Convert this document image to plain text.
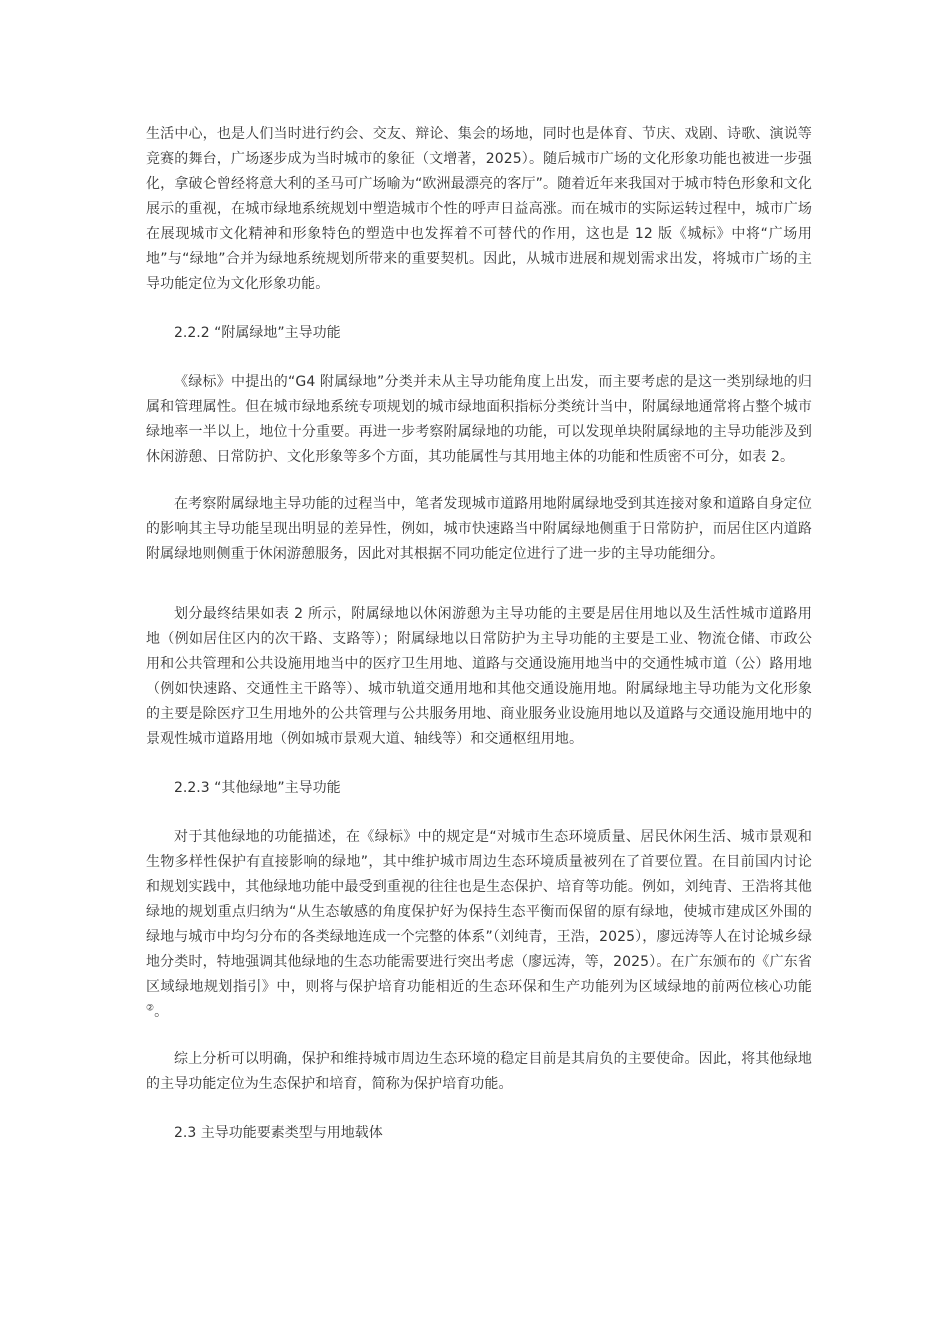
生活中心，也是人们当时进行约会、交友、辩论、集会的场地，同时也是体育、节庆、戏剧、诗歌、演说等竞赛的舞台，广场逐步成为当时城市的象征（文增著，2025）。随后城市广场的文化形象功能也被进一步强化，拿破仑曾经将意大利的圣马可广场喻为“欧洲最漂亮的客厅”。随着近年来我国对于城市特色形象和文化展示的重视，在城市绿地系统规划中塑造城市个性的呼声日益高涨。而在城市的实际运转过程中，城市广场在展现城市文化精神和形象特色的塑造中也发挥着不可替代的作用，这也是 12 版《城标》中将“广场用地”与“绿地”合并为绿地系统规划所带来的重要契机。因此，从城市进展和规划需求出发，将城市广场的主导功能定位为文化形象功能。

2.2.2 “附属绿地”主导功能

《绿标》中提出的“G4 附属绿地”分类并未从主导功能角度上出发，而主要考虑的是这一类别绿地的归属和管理属性。但在城市绿地系统专项规划的城市绿地面积指标分类统计当中，附属绿地通常将占整个城市绿地率一半以上，地位十分重要。再进一步考察附属绿地的功能，可以发现单块附属绿地的主导功能涉及到休闲游憩、日常防护、文化形象等多个方面，其功能属性与其用地主体的功能和性质密不可分，如表 2。

在考察附属绿地主导功能的过程当中，笔者发现城市道路用地附属绿地受到其连接对象和道路自身定位的影响其主导功能呈现出明显的差异性，例如，城市快速路当中附属绿地侧重于日常防护，而居住区内道路附属绿地则侧重于休闲游憩服务，因此对其根据不同功能定位进行了进一步的主导功能细分。

划分最终结果如表 2 所示，附属绿地以休闲游憩为主导功能的主要是居住用地以及生活性城市道路用地（例如居住区内的次干路、支路等）；附属绿地以日常防护为主导功能的主要是工业、物流仓储、市政公用和公共管理和公共设施用地当中的医疗卫生用地、道路与交通设施用地当中的交通性城市道（公）路用地（例如快速路、交通性主干路等）、城市轨道交通用地和其他交通设施用地。附属绿地主导功能为文化形象的主要是除医疗卫生用地外的公共管理与公共服务用地、商业服务业设施用地以及道路与交通设施用地中的景观性城市道路用地（例如城市景观大道、轴线等）和交通枢纽用地。

2.2.3 “其他绿地”主导功能

对于其他绿地的功能描述，在《绿标》中的规定是“对城市生态环境质量、居民休闲生活、城市景观和生物多样性保护有直接影响的绿地”，其中维护城市周边生态环境质量被列在了首要位置。在目前国内讨论和规划实践中，其他绿地功能中最受到重视的往往也是生态保护、培育等功能。例如，刘纯青、王浩将其他绿地的规划重点归纳为“从生态敏感的角度保护好为保持生态平衡而保留的原有绿地，使城市建成区外围的绿地与城市中均匀分布的各类绿地连成一个完整的体系”（刘纯青，王浩，2025），廖远涛等人在讨论城乡绿地分类时，特地强调其他绿地的生态功能需要进行突出考虑（廖远涛，等，2025）。在广东颁布的《广东省区域绿地规划指引》中，则将与保护培育功能相近的生态环保和生产功能列为区域绿地的前两位核心功能②。

综上分析可以明确，保护和维持城市周边生态环境的稳定目前是其肩负的主要使命。因此，将其他绿地的主导功能定位为生态保护和培育，简称为保护培育功能。

2.3 主导功能要素类型与用地载体
